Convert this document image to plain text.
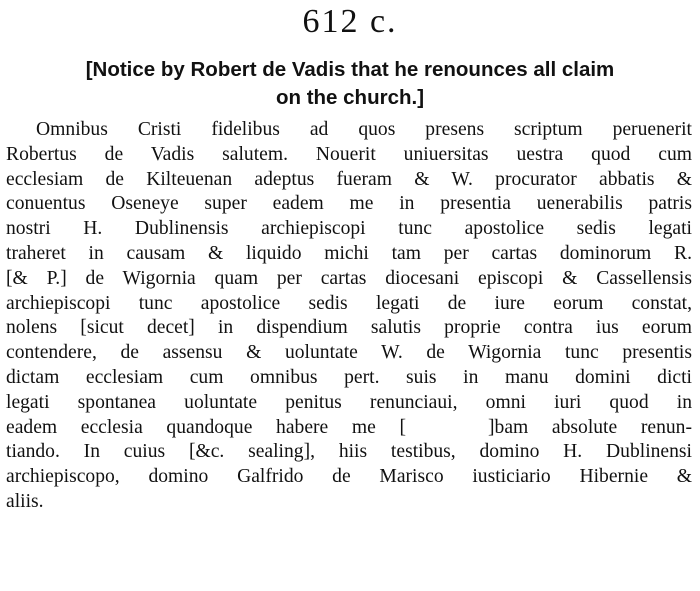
612 c.
[Notice by Robert de Vadis that he renounces all claim
on the church.]
Omnibus Cristi fidelibus ad quos presens scriptum peruenerit
Robertus de Vadis salutem. Nouerit uniuersitas uestra quod cum
ecclesiam de Kilteuenan adeptus fueram & W. procurator abbatis &
conuentus Oseneye super eadem me in presentia uenerabilis patris
nostri H. Dublinensis archiepiscopi tunc apostolice sedis legati
traheret in causam & liquido michi tam per cartas dominorum R.
[& P.] de Wigornia quam per cartas diocesani episcopi & Cassellensis
archiepiscopi tunc apostolice sedis legati de iure eorum constat,
nolens [sicut decet] in dispendium salutis proprie contra ius eorum
contendere, de assensu & uoluntate W. de Wigornia tunc presentis
dictam ecclesiam cum omnibus pert. suis in manu domini dicti
legati spontanea uoluntate penitus renunciaui, omni iuri quod in
eadem ecclesia quandoque habere me [	]bam absolute renun-
tiando. In cuius [&c. sealing], hiis testibus, domino H. Dublinensi
archiepiscopo, domino Galfrido de Marisco iusticiario Hibernie &
aliis.
